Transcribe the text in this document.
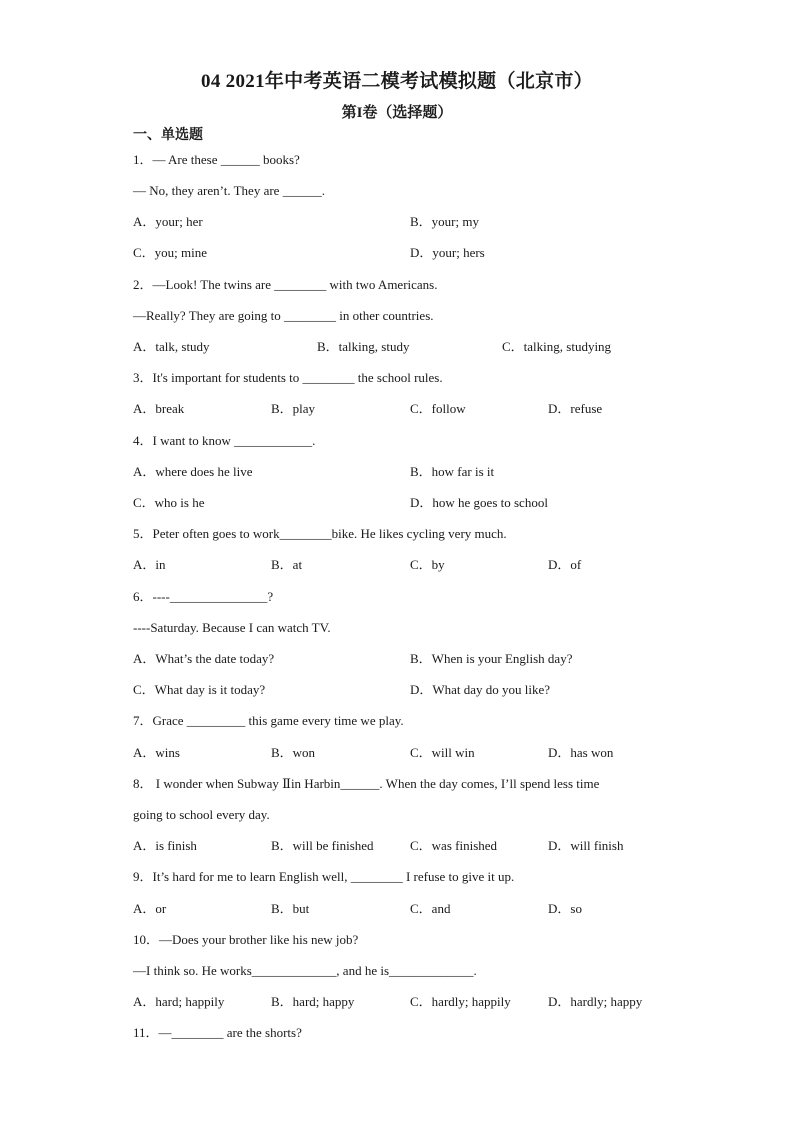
04 2021年中考英语二模考试模拟题（北京市）
第I卷（选择题）
一、单选题
1．— Are these ______ books?
— No, they aren’t. They are ______.
A．your; her	B．your; my
C．you; mine	D．your; hers
2．—Look! The twins are ________ with two Americans.
—Really? They are going to ________ in other countries.
A．talk, study	B．talking, study	C．talking, studying
3．It's important for students to ________ the school rules.
A．break	B．play	C．follow	D．refuse
4．I want to know ____________.
A．where does he live	B．how far is it
C．who is he	D．how he goes to school
5．Peter often goes to work________bike. He likes cycling very much.
A．in	B．at	C．by	D．of
6．----_______________?
----Saturday. Because I can watch TV.
A．What’s the date today?	B．When is your English day?
C．What day is it today?	D．What day do you like?
7．Grace _________ this game every time we play.
A．wins	B．won	C．will win	D．has won
8． I wonder when Subway Ⅱin Harbin______. When the day comes, I’ll spend less time
going to school every day.
A．is finish	B．will be finished	C．was finished	D．will finish
9．It’s hard for me to learn English well, ________ I refuse to give it up.
A．or	B．but	C．and	D．so
10．—Does your brother like his new job?
—I think so. He works_____________, and he is_____________.
A．hard; happily	B．hard; happy	C．hardly; happily	D．hardly; happy
11．—________ are the shorts?
